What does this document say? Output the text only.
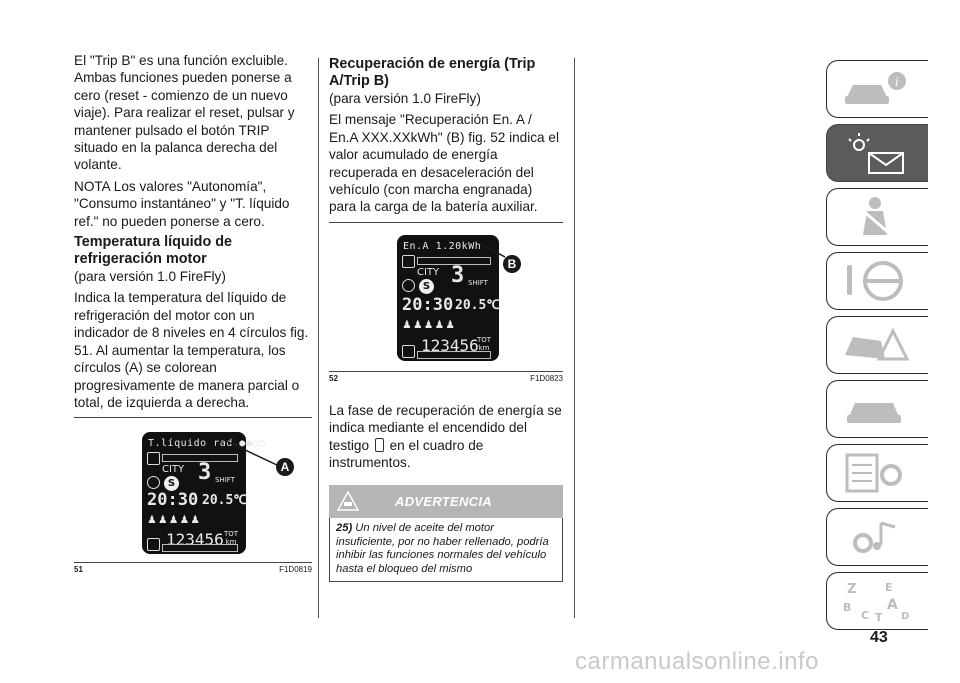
El "Trip B" es una función excluible. Ambas funciones pueden ponerse a cero (reset - comienzo de un nuevo viaje). Para realizar el reset, pulsar y mantener pulsado el botón TRIP situado en la palanca derecha del volante.

NOTA Los valores "Autonomía", "Consumo instantáneo" y "T. líquido ref." no pueden ponerse a cero.

Temperatura líquido de refrigeración motor

(para versión 1.0 FireFly)

Indica la temperatura del líquido de refrigeración del motor con un indicador de 8 niveles en 4 círculos fig. 51. Al aumentar la temperatura, los círculos (A) se colorean progresivamente de manera parcial o total, de izquierda a derecha.

T.líquido rad.●●○○
CITY 3 SHIFT
S
20:30 20.5℃
♟♟♟♟♟
123456 TOT
km
A
51	F1D0819
Recuperación de energía (Trip A/Trip B)

(para versión 1.0 FireFly)

El mensaje "Recuperación En. A / En.A XXX.XXkWh" (B) fig. 52 indica el valor acumulado de energía recuperada en desaceleración del vehículo (con marcha engranada) para la carga de la batería auxiliar.

En.A 1.20kWh
CITY 3 SHIFT
S
20:30 20.5℃
♟♟♟♟♟
123456
TOT
km
B
52	F1D0823

La fase de recuperación de energía se indica mediante el encendido del testigo en el cuadro de instrumentos.

ADVERTENCIA
25) Un nivel de aceite del motor insuficiente, por no haber rellenado, podría inhibir las funciones normales del vehículo hasta el bloqueo del mismo
i
Z	E
A
B
C	D
T
43
carmanualsonline.info
